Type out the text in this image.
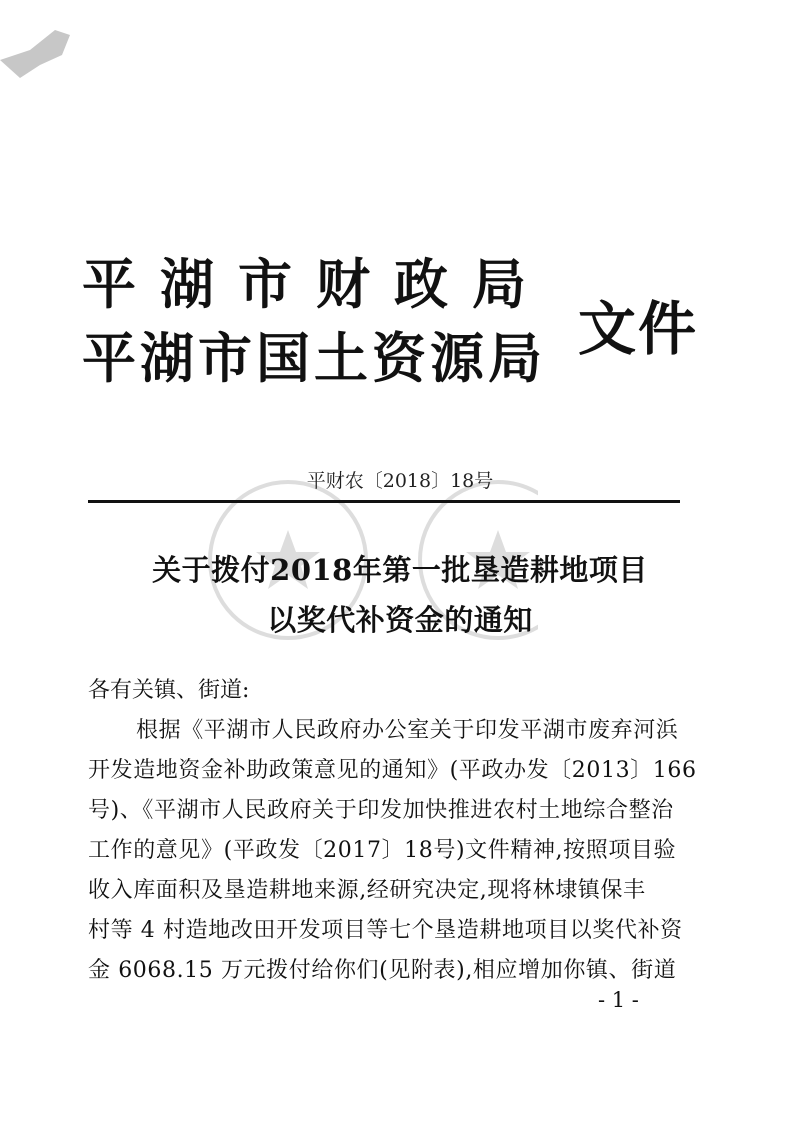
平湖市财政局
平湖市国土资源局 文件
平财农〔2018〕18号
关于拨付2018年第一批垦造耕地项目
以奖代补资金的通知
各有关镇、街道:
根据《平湖市人民政府办公室关于印发平湖市废弃河浜
开发造地资金补助政策意见的通知》(平政办发〔2013〕166
号)、《平湖市人民政府关于印发加快推进农村土地综合整治
工作的意见》(平政发〔2017〕18号)文件精神,按照项目验
收入库面积及垦造耕地来源,经研究决定,现将林埭镇保丰
村等 4 村造地改田开发项目等七个垦造耕地项目以奖代补资
金 6068.15 万元拨付给你们(见附表),相应增加你镇、街道
- 1 -
